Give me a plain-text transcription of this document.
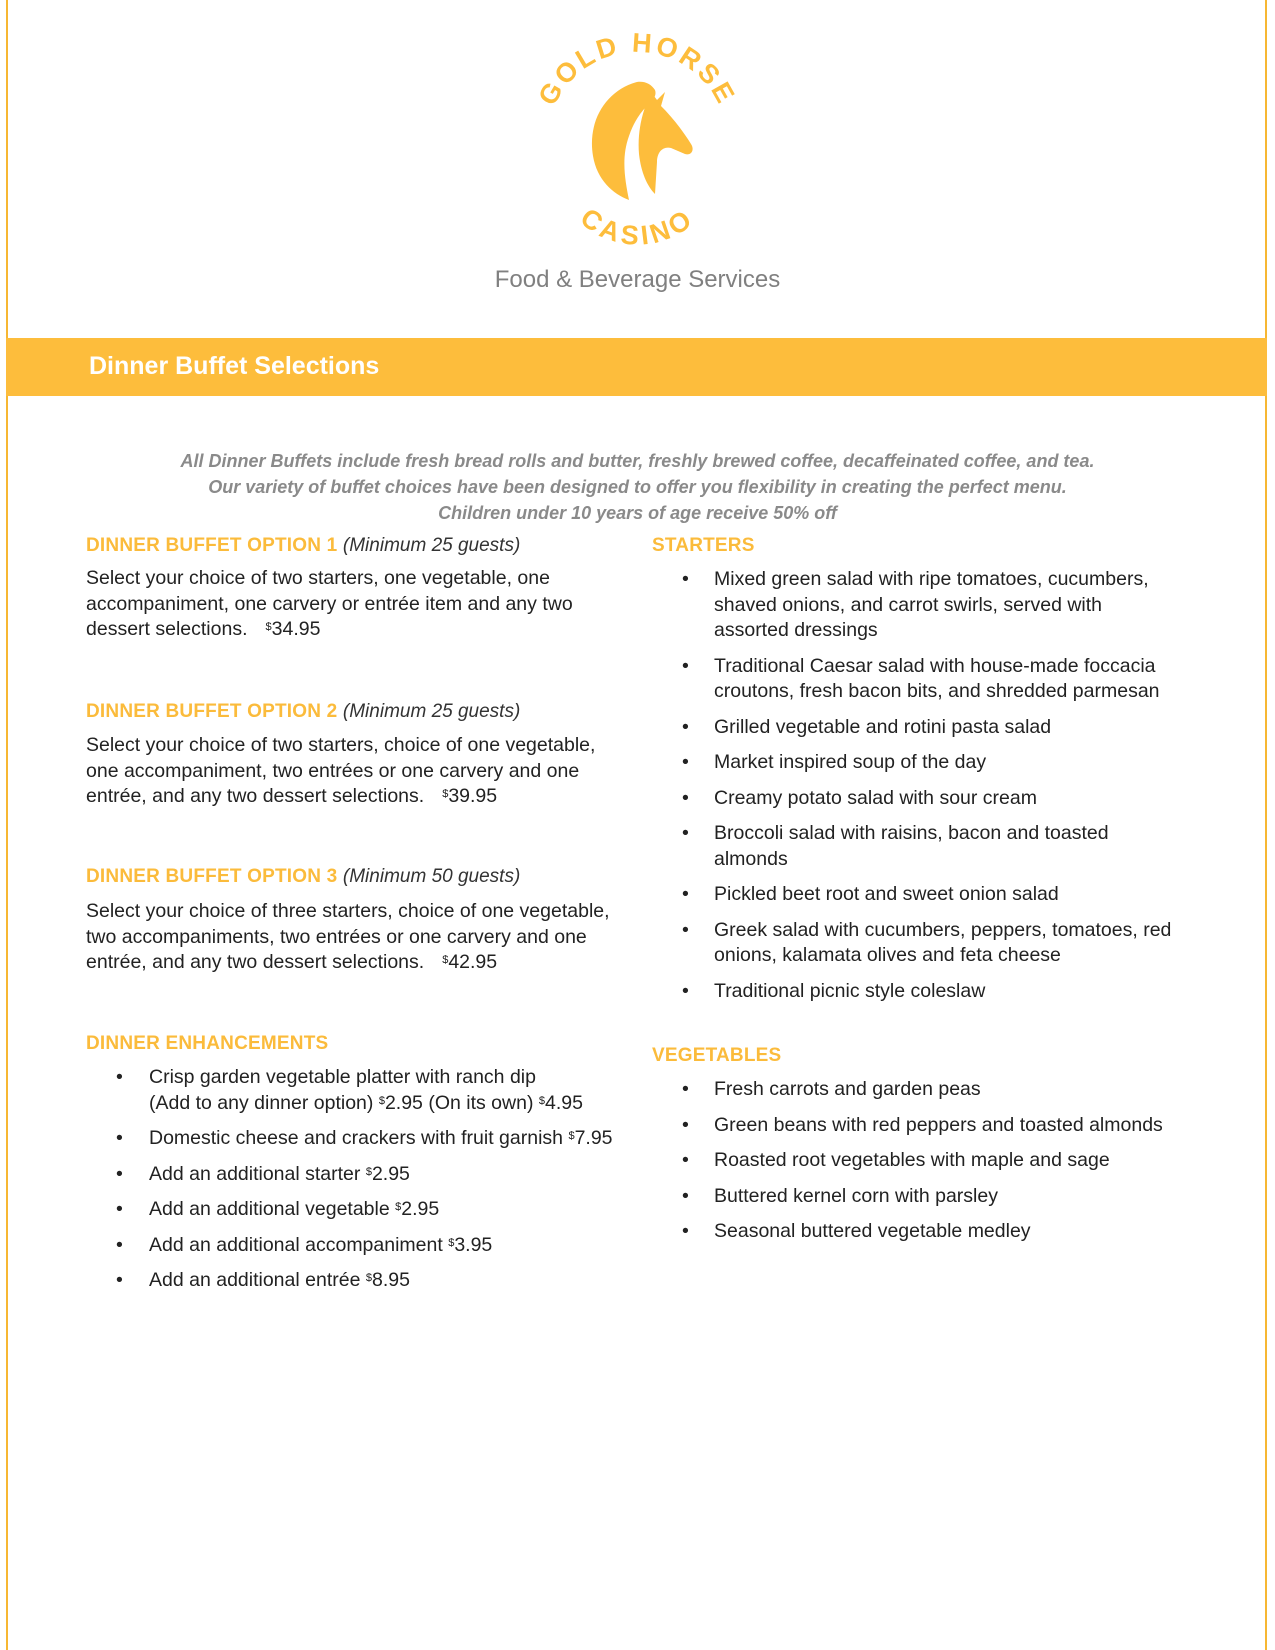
GOLD HORSE
CASINO
Food & Beverage Services
Dinner Buffet Selections
All Dinner Buffets include fresh bread rolls and butter, freshly brewed coffee, decaffeinated coffee, and tea.
Our variety of buffet choices have been designed to offer you flexibility in creating the perfect menu.
Children under 10 years of age receive 50% off
DINNER BUFFET OPTION 1 (Minimum 25 guests)
Select your choice of two starters, one vegetable, one
accompaniment, one carvery or entrée item and any two
dessert selections. $34.95
DINNER BUFFET OPTION 2 (Minimum 25 guests)
Select your choice of two starters, choice of one vegetable,
one accompaniment, two entrées or one carvery and one
entrée, and any two dessert selections. $39.95
DINNER BUFFET OPTION 3 (Minimum 50 guests)
Select your choice of three starters, choice of one vegetable,
two accompaniments, two entrées or one carvery and one
entrée, and any two dessert selections. $42.95
DINNER ENHANCEMENTS
• Crisp garden vegetable platter with ranch dip
(Add to any dinner option) $2.95 (On its own) $4.95
• Domestic cheese and crackers with fruit garnish $7.95
• Add an additional starter $2.95
• Add an additional vegetable $2.95
• Add an additional accompaniment $3.95
• Add an additional entrée $8.95
STARTERS
• Mixed green salad with ripe tomatoes, cucumbers,
shaved onions, and carrot swirls, served with
assorted dressings
• Traditional Caesar salad with house-made foccacia
croutons, fresh bacon bits, and shredded parmesan
• Grilled vegetable and rotini pasta salad
• Market inspired soup of the day
• Creamy potato salad with sour cream
• Broccoli salad with raisins, bacon and toasted
almonds
• Pickled beet root and sweet onion salad
• Greek salad with cucumbers, peppers, tomatoes, red
onions, kalamata olives and feta cheese
• Traditional picnic style coleslaw
VEGETABLES
• Fresh carrots and garden peas
• Green beans with red peppers and toasted almonds
• Roasted root vegetables with maple and sage
• Buttered kernel corn with parsley
• Seasonal buttered vegetable medley
